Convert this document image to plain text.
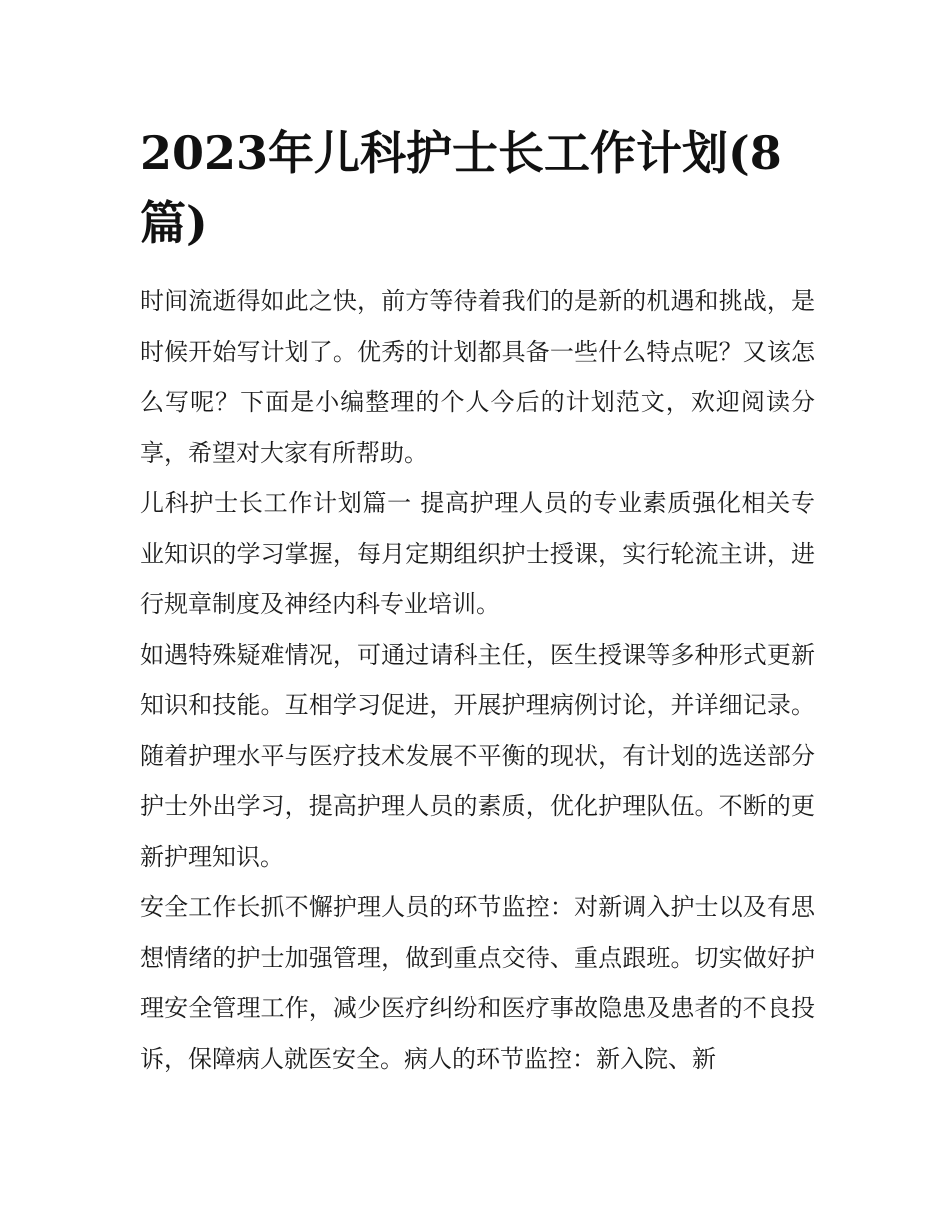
2023年儿科护士长工作计划(8篇)

时间流逝得如此之快，前方等待着我们的是新的机遇和挑战，是时候开始写计划了。优秀的计划都具备一些什么特点呢？又该怎么写呢？下面是小编整理的个人今后的计划范文，欢迎阅读分享，希望对大家有所帮助。

儿科护士长工作计划篇一 提高护理人员的专业素质强化相关专业知识的学习掌握，每月定期组织护士授课，实行轮流主讲，进行规章制度及神经内科专业培训。

如遇特殊疑难情况，可通过请科主任，医生授课等多种形式更新知识和技能。互相学习促进，开展护理病例讨论，并详细记录。随着护理水平与医疗技术发展不平衡的现状，有计划的选送部分护士外出学习，提高护理人员的素质，优化护理队伍。不断的更新护理知识。

安全工作长抓不懈护理人员的环节监控：对新调入护士以及有思想情绪的护士加强管理，做到重点交待、重点跟班。切实做好护理安全管理工作，减少医疗纠纷和医疗事故隐患及患者的不良投诉，保障病人就医安全。病人的环节监控：新入院、新
